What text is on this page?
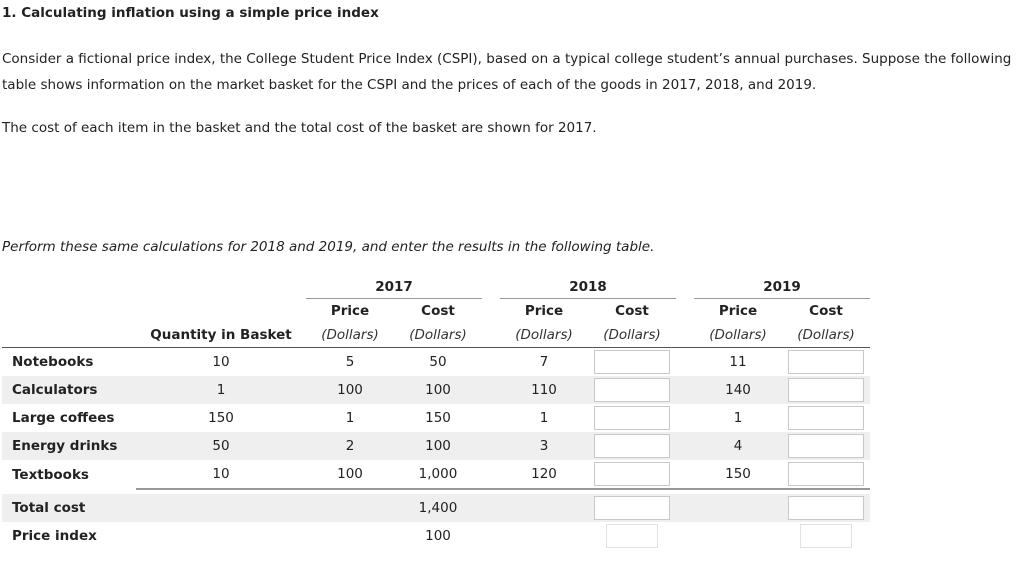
1. Calculating inflation using a simple price index
Consider a fictional price index, the College Student Price Index (CSPI), based on a typical college student’s annual purchases. Suppose the following table shows information on the market basket for the CSPI and the prices of each of the goods in 2017, 2018, and 2019.
The cost of each item in the basket and the total cost of the basket are shown for 2017.
Perform these same calculations for 2018 and 2019, and enter the results in the following table.
		2017			2018			2019	
		Price	Cost		Price	Cost		Price	Cost
	Quantity in Basket	(Dollars)	(Dollars)		(Dollars)	(Dollars)		(Dollars)	(Dollars)
Notebooks	10	5	50		7			11	
Calculators	1	100	100		110			140	
Large coffees	150	1	150		1			1	
Energy drinks	50	2	100		3			4	
Textbooks	10	100	1,000		120			150	

Total cost			1,400						
Price index			100						
